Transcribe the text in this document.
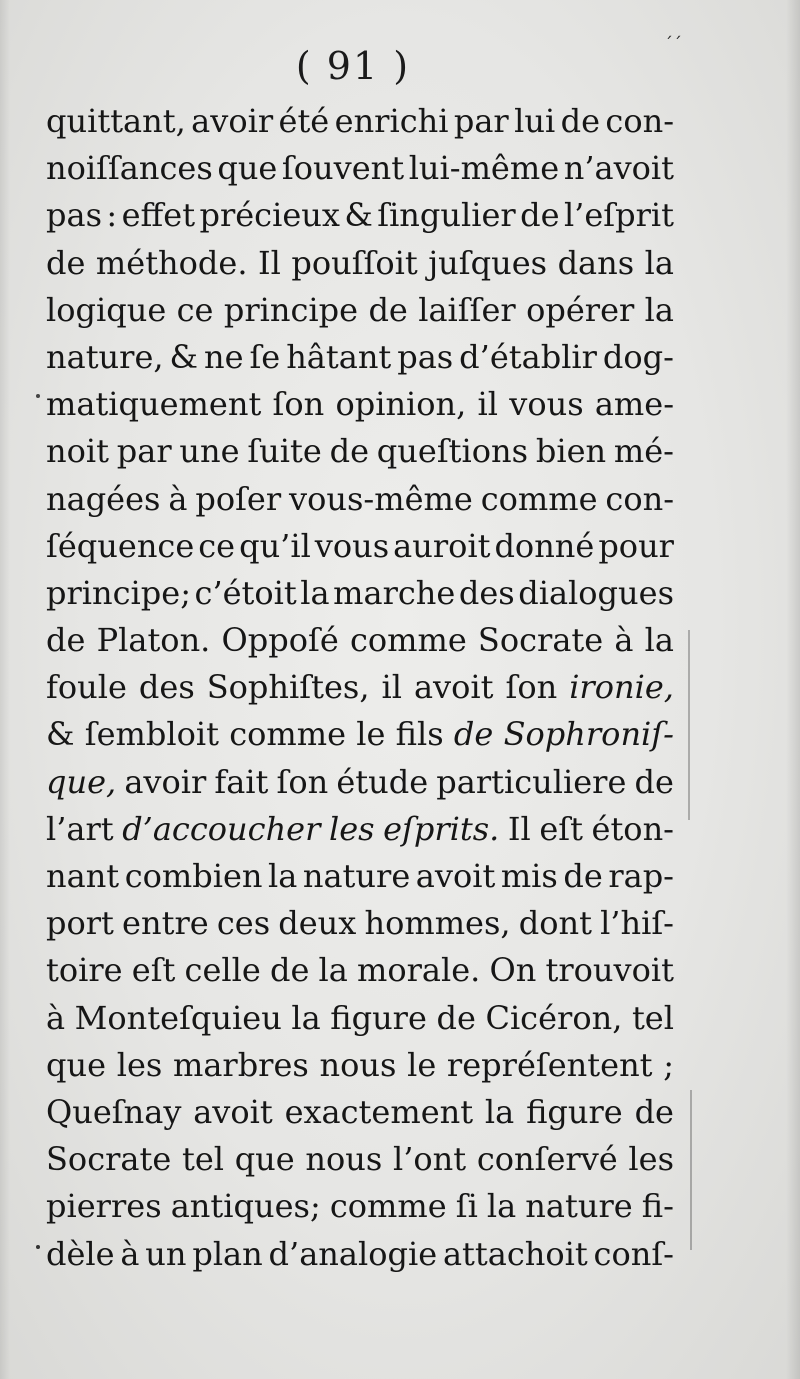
( 91 )	´´
quittant, avoir été enrichi par lui de con-
noiſſances que ſouvent lui-même n’avoit
pas : effet précieux & ſingulier de l’eſprit
de méthode. Il pouſſoit juſques dans la
logique ce principe de laiſſer opérer la
nature, & ne ſe hâtant pas d’établir dog-
matiquement ſon opinion, il vous ame-
noit par une ſuite de queſtions bien mé-
nagées à poſer vous-même comme con-
ſéquence ce qu’il vous auroit donné pour
principe; c’étoit la marche des dialogues
de Platon. Oppoſé comme Socrate à la
foule des Sophiſtes, il avoit ſon ironie,
& ſembloit comme le fils de Sophroniſ-
que, avoir fait ſon étude particuliere de
l’art d’accoucher les eſprits. Il eſt éton-
nant combien la nature avoit mis de rap-
port entre ces deux hommes, dont l’hiſ-
toire eſt celle de la morale. On trouvoit
à Monteſquieu la figure de Cicéron, tel
que les marbres nous le repréſentent ;
Queſnay avoit exactement la figure de
Socrate tel que nous l’ont conſervé les
pierres antiques; comme ſi la nature fi-
dèle à un plan d’analogie attachoit conſ-
